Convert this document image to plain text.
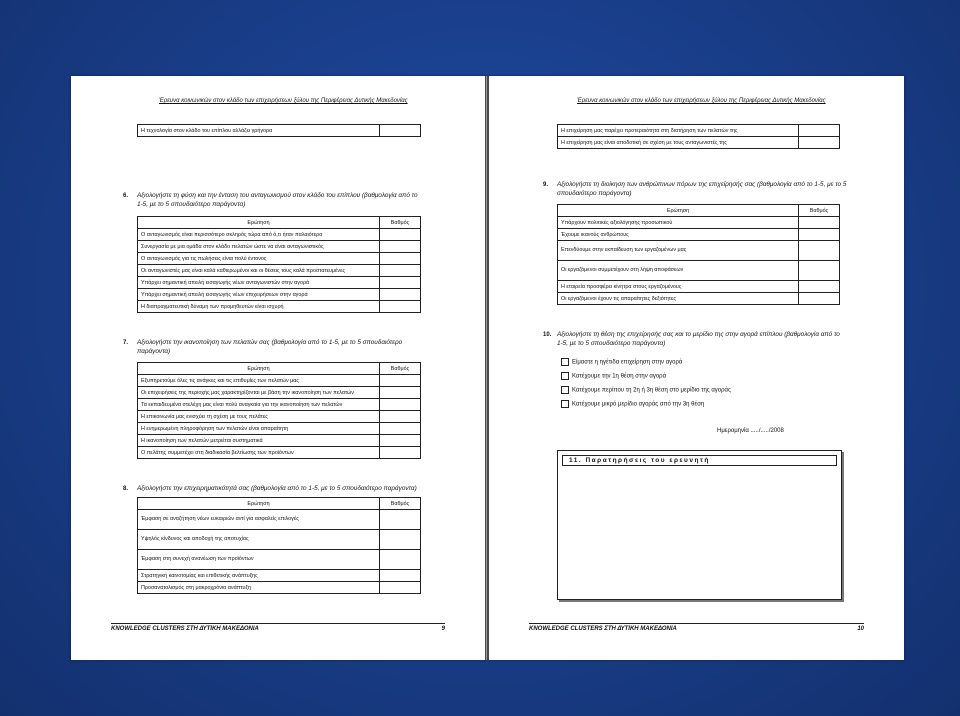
Έρευνα κοινωνικών στον κλάδο των επιχειρήσεων ξύλου της Περιφέρειας Δυτικής Μακεδονίας
Η τεχνολογία στον κλάδο του επίπλου αλλάζει γρήγορα	
6. Αξιολογήστε τη φύση και την ένταση του ανταγωνισμού στον κλάδο του επίπλου (βαθμολογία από το 1-5, με το 5 σπουδαιότερο παράγοντα)
Ερώτηση	Βαθμός
Ο ανταγωνισμός είναι περισσότερο σκληρός τώρα από ό,τι ήταν παλαιότερα	
Συνεργασία με μια ομάδα στον κλάδο πελατών ώστε να είναι ανταγωνιστικός	
Ο ανταγωνισμός για τις πωλήσεις είναι πολύ έντονος	
Οι ανταγωνιστές μας είναι καλά καθιερωμένοι και οι θέσεις τους καλά προστατευμένες	
Υπάρχει σημαντική απειλή εισαγωγής νέων ανταγωνιστών στην αγορά	
Υπάρχει σημαντική απειλή εισαγωγής νέων επιχειρήσεων στην αγορά	
Η διαπραγματευτική δύναμη των προμηθευτών είναι ισχυρή	
7. Αξιολογήστε την ικανοποίηση των πελατών σας (βαθμολογία από το 1-5, με το 5 σπουδαιότερο παράγοντα)
Ερώτηση	Βαθμός
Εξυπηρετούμε όλες τις ανάγκες και τις επιθυμίες των πελατών μας	
Οι επιχειρήσεις της περιοχής μας χαρακτηρίζονται με βάση την ικανοποίηση των πελατών	
Τα εκπαιδευμένα στελέχη μας είναι πολύ αναγκαία για την ικανοποίηση των πελατών	
Η επικοινωνία μας ενισχύει τη σχέση με τους πελάτες	
Η ενημερωμένη πληροφόρηση των πελατών είναι απαραίτητη	
Η ικανοποίηση των πελατών μετριέται συστηματικά	
Ο πελάτης συμμετέχει στη διαδικασία βελτίωσης των προϊόντων	
8. Αξιολογήστε την επιχειρηματικότητά σας (βαθμολογία από το 1-5, με το 5 σπουδαιότερο παράγοντα)
Ερώτηση	Βαθμός
Έμφαση σε αναζήτηση νέων ευκαιριών αντί για ασφαλείς επιλογές	
Υψηλός κίνδυνος και αποδοχή της αποτυχίας	
Έμφαση στη συνεχή ανανέωση των προϊόντων	
Στρατηγική καινοτομίας και επιθετικής ανάπτυξης	
Προσανατολισμός στη μακροχρόνια ανάπτυξη	
KNOWLEDGE CLUSTERS ΣΤΗ ΔΥΤΙΚΗ ΜΑΚΕΔΟΝΙΑ	9
Έρευνα κοινωνικών στον κλάδο των επιχειρήσεων ξύλου της Περιφέρειας Δυτικής Μακεδονίας
Η επιχείρηση μας παρέχει προτεραιότητα στη διατήρηση των πελατών της	
Η επιχείρηση μας είναι αποδοτική σε σχέση με τους ανταγωνιστές της	
9. Αξιολογήστε τη διοίκηση των ανθρώπινων πόρων της επιχείρησής σας (βαθμολογία από το 1-5, με το 5 σπουδαιότερο παράγοντα)
Ερώτηση	Βαθμός
Υπάρχουν πολιτικές αξιολόγησης προσωπικού	
Έχουμε ικανούς ανθρώπους	
Επενδύουμε στην εκπαίδευση των εργαζομένων μας	
Οι εργαζόμενοι συμμετέχουν στη λήψη αποφάσεων	
Η εταιρεία προσφέρει κίνητρα στους εργαζομένους	
Οι εργαζόμενοι έχουν τις απαραίτητες δεξιότητες	
10. Αξιολογήστε τη θέση της επιχείρησής σας και το μερίδιο της στην αγορά επίπλου (βαθμολογία από το 1-5, με το 5 σπουδαιότερο παράγοντα)
Είμαστε η ηγέτιδα επιχείρηση στην αγορά
Κατέχουμε την 1η θέση στην αγορά
Κατέχουμε περίπου τη 2η ή 3η θέση στο μερίδιο της αγοράς
Κατέχουμε μικρό μερίδιο αγοράς από την 3η θέση
Ημερομηνία ...../...../2008
11. Παρατηρήσεις του ερευνητή
KNOWLEDGE CLUSTERS ΣΤΗ ΔΥΤΙΚΗ ΜΑΚΕΔΟΝΙΑ	10
